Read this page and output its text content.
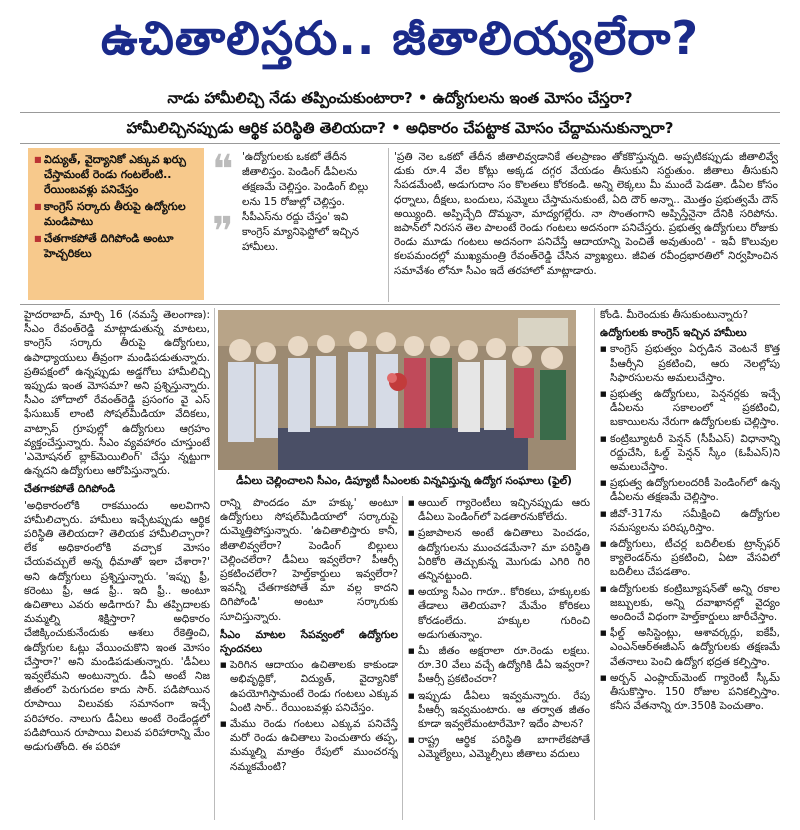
ఉచితాలిస్తరు.. జీతాలియ్యలేరా?
నాడు హామీలిచ్చి నేడు తప్పించుకుంటారా? • ఉద్యోగులను ఇంత మోసం చేస్తరా?
హామీలిచ్చినప్పుడు ఆర్థిక పరిస్థితి తెలియదా? • అధికారం చేపట్టాక మోసం చేద్దామనుకున్నారా?
■ విద్యుత్, వైద్యానికో ఎక్కువ ఖర్చు చేస్తామంటే రెండు గంటలేంటి.. రేయింబవళ్లు పనిచేస్తం
■ కాంగ్రెస్ సర్కారు తీరుపై ఉద్యోగుల మండిపాటు
■ చేతగాకపోతే దిగిపోండి అంటూ హెచ్చరికలు
❝
❞
'ఉద్యోగులకు ఒకటో తేదీన జీతాలిస్తం. పెండింగ్ డీఏలను తక్షణమే చెల్లిస్తం. పెండింగ్ బిల్లు లను 15 రోజుల్లో చెల్లిస్తం. సీపీఎస్‌ను రద్దు చేస్తం' ఇవి కాంగ్రెస్ మ్యానిఫెస్టోలో ఇచ్చిన హామీలు.

'ప్రతి నెల ఒకటో తేదీన జీతాలివ్వడానికే తలప్రాణం తోకకొస్తున్నది. అప్పటికప్పుడు జీతాలివ్వే డుకు రూ.4 వేల కోట్లు అక్కడ దగ్గర వేయడం తీసుకుని సర్దుతుం. జీతాలు తీసుకుని సేపడమేంటి, అడుగుదాం సం కొలతలు కోరకండి. అన్ని లెక్కలు మీ ముందే పెడతా. డీఏల కోసం ధర్నాలు, దీక్షలు, బందులు, సమ్మెలు చేస్తామనుకుంటే, ఏది దౌర్ అన్నా.. మొత్తం ప్రభుత్వమే దౌన్ అయ్యింది. అప్పిచ్చేది దొమ్మనా, మాద్యగల్లేరు. నా సొంతంగాని అప్పిస్తేనైనా దేనికి సరిపోను. జపాన్‌లో నిరసన తెల పాలంటే రెండు గంటలు అదనంగా పనిచేస్తరు. ప్రభుత్వ ఉద్యోగులు రోజుకు రెండు మూడు గంటలు అదనంగా పనిచేస్తే ఆదాయాన్ని పెంచితే అవుతుంది' - ఇవీ కొలువుల కలపమందల్లో ముఖ్యమంత్రి రేవంత్‌రెడ్డి చేసిన వ్యాఖ్యలు. జీవిత రవీంద్రభారతిలో నిర్వహించిన సమావేశం లోనూ సీఎం ఇదే తరహాలో మాట్లాడారు.

హైదరాబాద్, మార్చి 16 (నమస్తే తెలంగాణ): సీఎం రేవంత్‌రెడ్డి మాట్లాడుతున్న మాటలు, కాంగ్రెస్ సర్కారు తీరుపై ఉద్యోగులు, ఉపాధ్యాయులు తీవ్రంగా మండిపడుతున్నారు. ప్రతిపక్షంలో ఉన్నప్పుడు అడ్డగోలు హామీలిచ్చి ఇప్పుడు ఇంత మోసమా? అని ప్రశ్నిస్తున్నారు. సీఎం హోదాలో రేవంత్‌రెడ్డి ప్రసంగం వై ఎస్ ఫేసుబుక్ లాంటి సోషల్‌మీడియా వేదికలు, వాట్సాప్ గ్రూపుల్లో ఉద్యోగులు ఆగ్రహం వ్యక్తంచేస్తున్నారు. సీఎం వ్యవహారం చూస్తుంటే 'ఎమోషనల్ బ్లాక్‌మెయిలింగ్' చేస్తు న్నట్టుగా ఉన్నదని ఉద్యోగులు ఆరోపిస్తున్నారు.

చేతగాకపోతే దిగిపోండి

'అధికారంలోకి రాకముందు అలవిగాని హామీలిచ్చారు. హామీలు ఇచ్చేటప్పుడు ఆర్థిక పరిస్థితి తెలియదా? తెలియక హామీలిచ్చారా? లేక అధికారంలోకి వచ్చాక మోసం చేయవచ్చులే అన్న ధీమాతో ఇలా చేశారా?' అని ఉద్యోగులు ప్రశ్నిస్తున్నారు. 'ఇప్పు ఫ్రీ, కరెంటు ఫ్రీ, ఆడ ఫ్రీ.. ఇది ఫ్రీ.. అంటూ ఉచితాలు ఎవరు అడిగారు? మీ తప్పిదాలకు మమ్మల్ని శిక్షిస్తారా? అధికారం చేజిక్కించుకునేందుకు ఆశలు రేకెత్తించి, ఉద్యోగుల ఓట్లు వేయించుకొని ఇంత మోసం చేస్తారా?' అని మండిపడుతున్నారు. 'డీఏలు ఇవ్వలేమని అంటున్నారు. డీఏ అంటే నిజ జీతంలో పెరుగుదల కాదు సార్. పడిపోయిన రూపాయి విలువకు సమానంగా ఇచ్చే పరిహారం. నాలుగు డీఏలు అంటే రెండేండ్లలో పడిపోయిన రూపాయి విలువ పరిహారాన్ని మేం అడుగుతోంది. ఈ పరిహా

డీఏలు చెల్లించాలని సీఎం, డిప్యూటీ సీఎంలకు విన్నవిస్తున్న ఉద్యోగ సంఘాలు (ఫైల్)

రాన్ని పొందడం మా హక్కు' అంటూ ఉద్యోగులు సోషల్‌మీడియాలో సర్కారుపై దుమ్మెత్తిపోస్తున్నారు. 'ఉచితాలిస్తారు కానీ, జీతాలివ్వలేరా? పెండింగ్ బిల్లులు చెల్లించలేరా? డీఏలు ఇవ్వలేరా? పీఆర్సీ ప్రకటించలేరా? హెల్త్‌కార్డులు ఇవ్వలేరా? ఇవన్నీ చేతగాకపోతే మా వల్ల కాదని దిగిపోండి' అంటూ సర్కారుకు సూచిస్తున్నారు.

సీఎం మాటల సేపవ్వంలో ఉద్యోగుల స్పందనలు

■ పెరిగిన ఆదాయం ఉచితాలకు కాకుండా అభివృద్ధికో, విద్యుత్, వైద్యానికో ఉపయోగిస్తామంటే రెండు గంటలు ఎక్కువ ఏంటి సార్.. రేయింబవళ్లు పనిచేస్తం.

■ మేము రెండు గంటలు ఎక్కువ పనిచేస్తే మరో రెండు ఉచితాలు పెంచుతారు తప్ప, మమ్మల్ని మాత్రం రేపులో ముంచరన్న నమ్మకమేంటి?

■ ఆయిల్ గ్యారెంటీలు ఇచ్చినప్పుడు ఆరు డీఏలు పెండింగ్‌లో పెడతారనుకోలేదు.

■ ప్రజాపాలన అంటే ఉచితాలు పెంచడం, ఉద్యోగులను ముంచడమేనా? మా పరిస్థితి ఏరికోరి తెచ్చుకున్న మొగుడు ఎగిరి గిరి తన్నినట్టుంది.

■ అయ్యా సీఎం గారూ.. కోరికలు, హక్కులకు తేడాలు తెలియవా? మేమేం కోరికలు కోరడంలేదు. హక్కుల గురించి అడుగుతున్నాం.

■ మీ జీతం అక్షరాలా రూ.రెండు లక్షలు. రూ.30 వేలు వచ్చే ఉద్యోగికి డీఏ ఇవ్వరా? పీఆర్సీ ప్రకటించరా?

■ ఇప్పుడు డీఏలు ఇవ్వమన్నారు. రేపు పీఆర్సీ ఇవ్వమంటారు. ఆ తర్వాత జీతం కూడా ఇవ్వలేమంటారేమో? ఇదేం పాలన?

■ రాష్ట్ర ఆర్థిక పరిస్థితి బాగాలేకపోతే ఎమ్మెల్యేలు, ఎమ్మెల్సీలు జీతాలు వదులు

కోండి. మీరెందుకు తీసుకుంటున్నారు?

ఉద్యోగులకు కాంగ్రెస్ ఇచ్చిన హామీలు

■ కాంగ్రెస్ ప్రభుత్వం ఏర్పడిన వెంటనే కొత్త పీఆర్సీని ప్రకటించి, ఆరు నెలల్లోపు సిఫారసులను అమలుచేస్తాం.

■ ప్రభుత్వ ఉద్యోగులు, పెన్షనర్లకు ఇచ్చే డీఏలను సకాలంలో ప్రకటించి, బకాయిలను నేరుగా ఉద్యోగులకు చెల్లిస్తాం.

■ కంట్రిబ్యూటరీ పెన్షన్ (సీపీఎస్) విధానాన్ని రద్దుచేసి, ఓల్డ్ పెన్షన్ స్కీం (ఓపీఎస్)ని అమలుచేస్తాం.

■ ప్రభుత్వ ఉద్యోగులందరికీ పెండింగ్‌లో ఉన్న డీఏలను తక్షణమే చెల్లిస్తాం.

■ జీవో-317ను సమీక్షించి ఉద్యోగుల సమస్యలను పరిష్కరిస్తాం.

■ ఉద్యోగులు, టీచర్ల బదిలీలకు ట్రాన్స్‌ఫర్ క్యాలెండర్‌ను ప్రకటించి, ఏటా వేసవిలో బదిలీలు చేపడతాం.

■ ఉద్యోగులకు కంట్రిబ్యూషన్‌తో అన్ని రకాల జబ్బులకు, అన్ని దవాఖానల్లో వైద్యం అందించే విధంగా హెల్త్‌కార్డులు జారీచేస్తాం.

■ ఫీల్డ్ అసిస్టెంట్లు, ఆశావర్కర్లు, ఐకేపీ, ఎంఎన్ఆర్ఈజీఎస్ ఉద్యోగులకు తక్షణమే వేతనాలు పెంచి ఉద్యోగ భద్రత కల్పిస్తాం.

■ అర్బన్ ఎంప్లాయ్‌మెంట్ గ్యారెంటీ స్కీమ్ తీసుకొస్తాం. 150 రోజుల పనికల్పిస్తాం. కనీస వేతనాన్ని రూ.350కి పెంచుతాం.
